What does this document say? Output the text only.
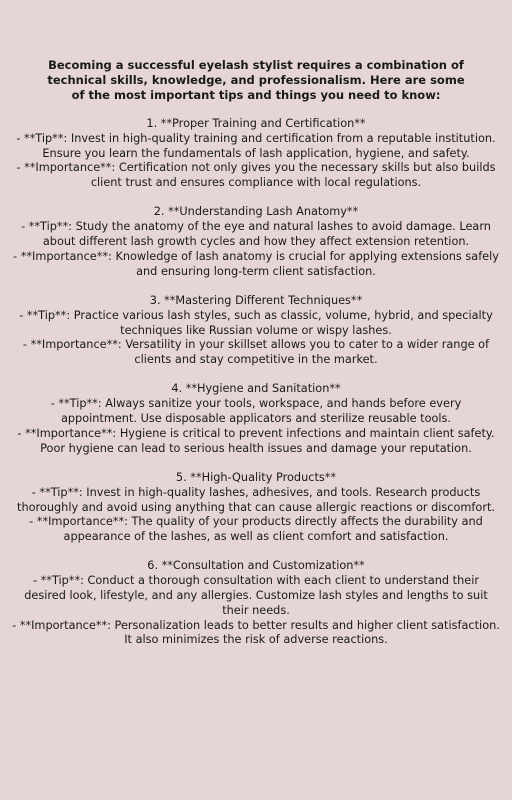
Becoming a successful eyelash stylist requires a combination of technical skills, knowledge, and professionalism. Here are some of the most important tips and things you need to know:

1. **Proper Training and Certification**
- **Tip**: Invest in high-quality training and certification from a reputable institution. Ensure you learn the fundamentals of lash application, hygiene, and safety.
- **Importance**: Certification not only gives you the necessary skills but also builds client trust and ensures compliance with local regulations.
2. **Understanding Lash Anatomy**
- **Tip**: Study the anatomy of the eye and natural lashes to avoid damage. Learn about different lash growth cycles and how they affect extension retention.
- **Importance**: Knowledge of lash anatomy is crucial for applying extensions safely and ensuring long-term client satisfaction.
3. **Mastering Different Techniques**
- **Tip**: Practice various lash styles, such as classic, volume, hybrid, and specialty techniques like Russian volume or wispy lashes.
- **Importance**: Versatility in your skillset allows you to cater to a wider range of clients and stay competitive in the market.
4. **Hygiene and Sanitation**
- **Tip**: Always sanitize your tools, workspace, and hands before every appointment. Use disposable applicators and sterilize reusable tools.
- **Importance**: Hygiene is critical to prevent infections and maintain client safety. Poor hygiene can lead to serious health issues and damage your reputation.
5. **High-Quality Products**
- **Tip**: Invest in high-quality lashes, adhesives, and tools. Research products thoroughly and avoid using anything that can cause allergic reactions or discomfort.
- **Importance**: The quality of your products directly affects the durability and appearance of the lashes, as well as client comfort and satisfaction.
6. **Consultation and Customization**
- **Tip**: Conduct a thorough consultation with each client to understand their desired look, lifestyle, and any allergies. Customize lash styles and lengths to suit their needs.
- **Importance**: Personalization leads to better results and higher client satisfaction. It also minimizes the risk of adverse reactions.
